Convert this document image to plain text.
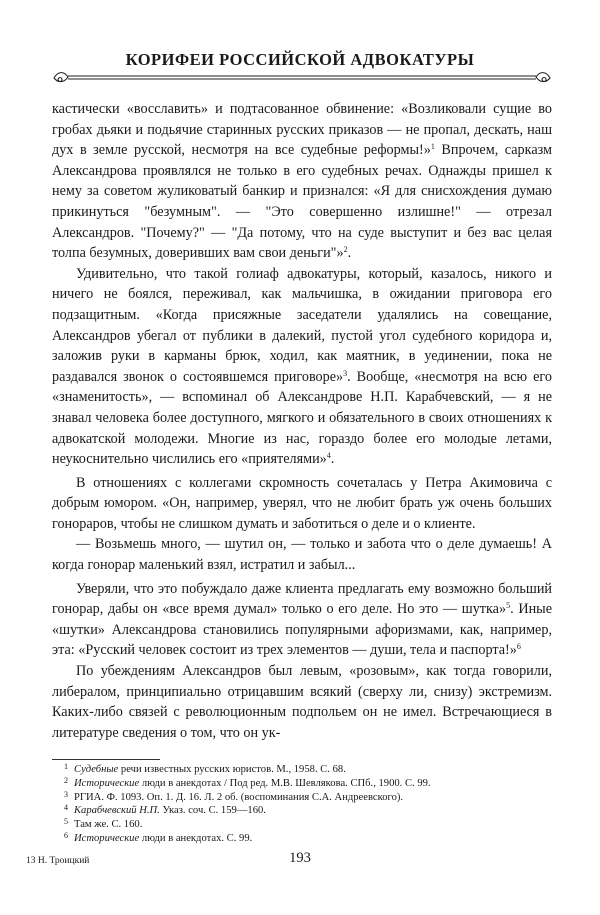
КОРИФЕИ РОССИЙСКОЙ АДВОКАТУРЫ

кастически «восславить» и подтасованное обвинение: «Возликовали сущие во гробах дьяки и подьячие старинных русских приказов — не пропал, дескать, наш дух в земле русской, несмотря на все судебные реформы!»$^1$ Впрочем, сарказм Александрова проявлялся не только в его судебных речах. Однажды пришел к нему за советом жуликоватый банкир и признался: «Я для снисхождения думаю прикинуться "безумным". — "Это совершенно излишне!" — отрезал Александров. "Почему?" — "Да потому, что на суде выступит и без вас целая толпа безумных, доверивших вам свои деньги"»$^2$.

Удивительно, что такой голиаф адвокатуры, который, казалось, никого и ничего не боялся, переживал, как мальчишка, в ожидании приговора его подзащитным. «Когда присяжные заседатели удалялись на совещание, Александров убегал от публики в далекий, пустой угол судебного коридора и, заложив руки в карманы брюк, ходил, как маятник, в уединении, пока не раздавался звонок о состоявшемся приговоре»$^3$. Вообще, «несмотря на всю его «знаменитость», — вспоминал об Александрове Н.П. Карабчевский, — я не знавал человека более доступного, мягкого и обязательного в своих отношениях к адвокатской молодежи. Многие из нас, гораздо более его молодые летами, неукоснительно числились его «приятелями»$^4$.

В отношениях с коллегами скромность сочеталась у Петра Акимовича с добрым юмором. «Он, например, уверял, что не любит брать уж очень больших гонораров, чтобы не слишком думать и заботиться о деле и о клиенте.

— Возьмешь много, — шутил он, — только и забота что о деле думаешь! А когда гонорар маленький взял, истратил и забыл...

Уверяли, что это побуждало даже клиента предлагать ему возможно больший гонорар, дабы он «все время думал» только о его деле. Но это — шутка»$^5$. Иные «шутки» Александрова становились популярными афоризмами, как, например, эта: «Русский человек состоит из трех элементов — души, тела и паспорта!»$^6$

По убеждениям Александров был левым, «розовым», как тогда говорили, либералом, принципиально отрицавшим всякий (сверху ли, снизу) экстремизм. Каких-либо связей с революционным подпольем он не имел. Встречающиеся в литературе сведения о том, что он ук-

1 Судебные речи известных русских юристов. М., 1958. С. 68.

2 Исторические люди в анекдотах / Под ред. М.В. Шевлякова. СПб., 1900. С. 99.

3 РГИА. Ф. 1093. Оп. 1. Д. 16. Л. 2 об. (воспоминания С.А. Андреевского).

4 Карабчевский Н.П. Указ. соч. С. 159—160.

5 Там же. С. 160.

6 Исторические люди в анекдотах. С. 99.

13 Н. Троицкий	193
